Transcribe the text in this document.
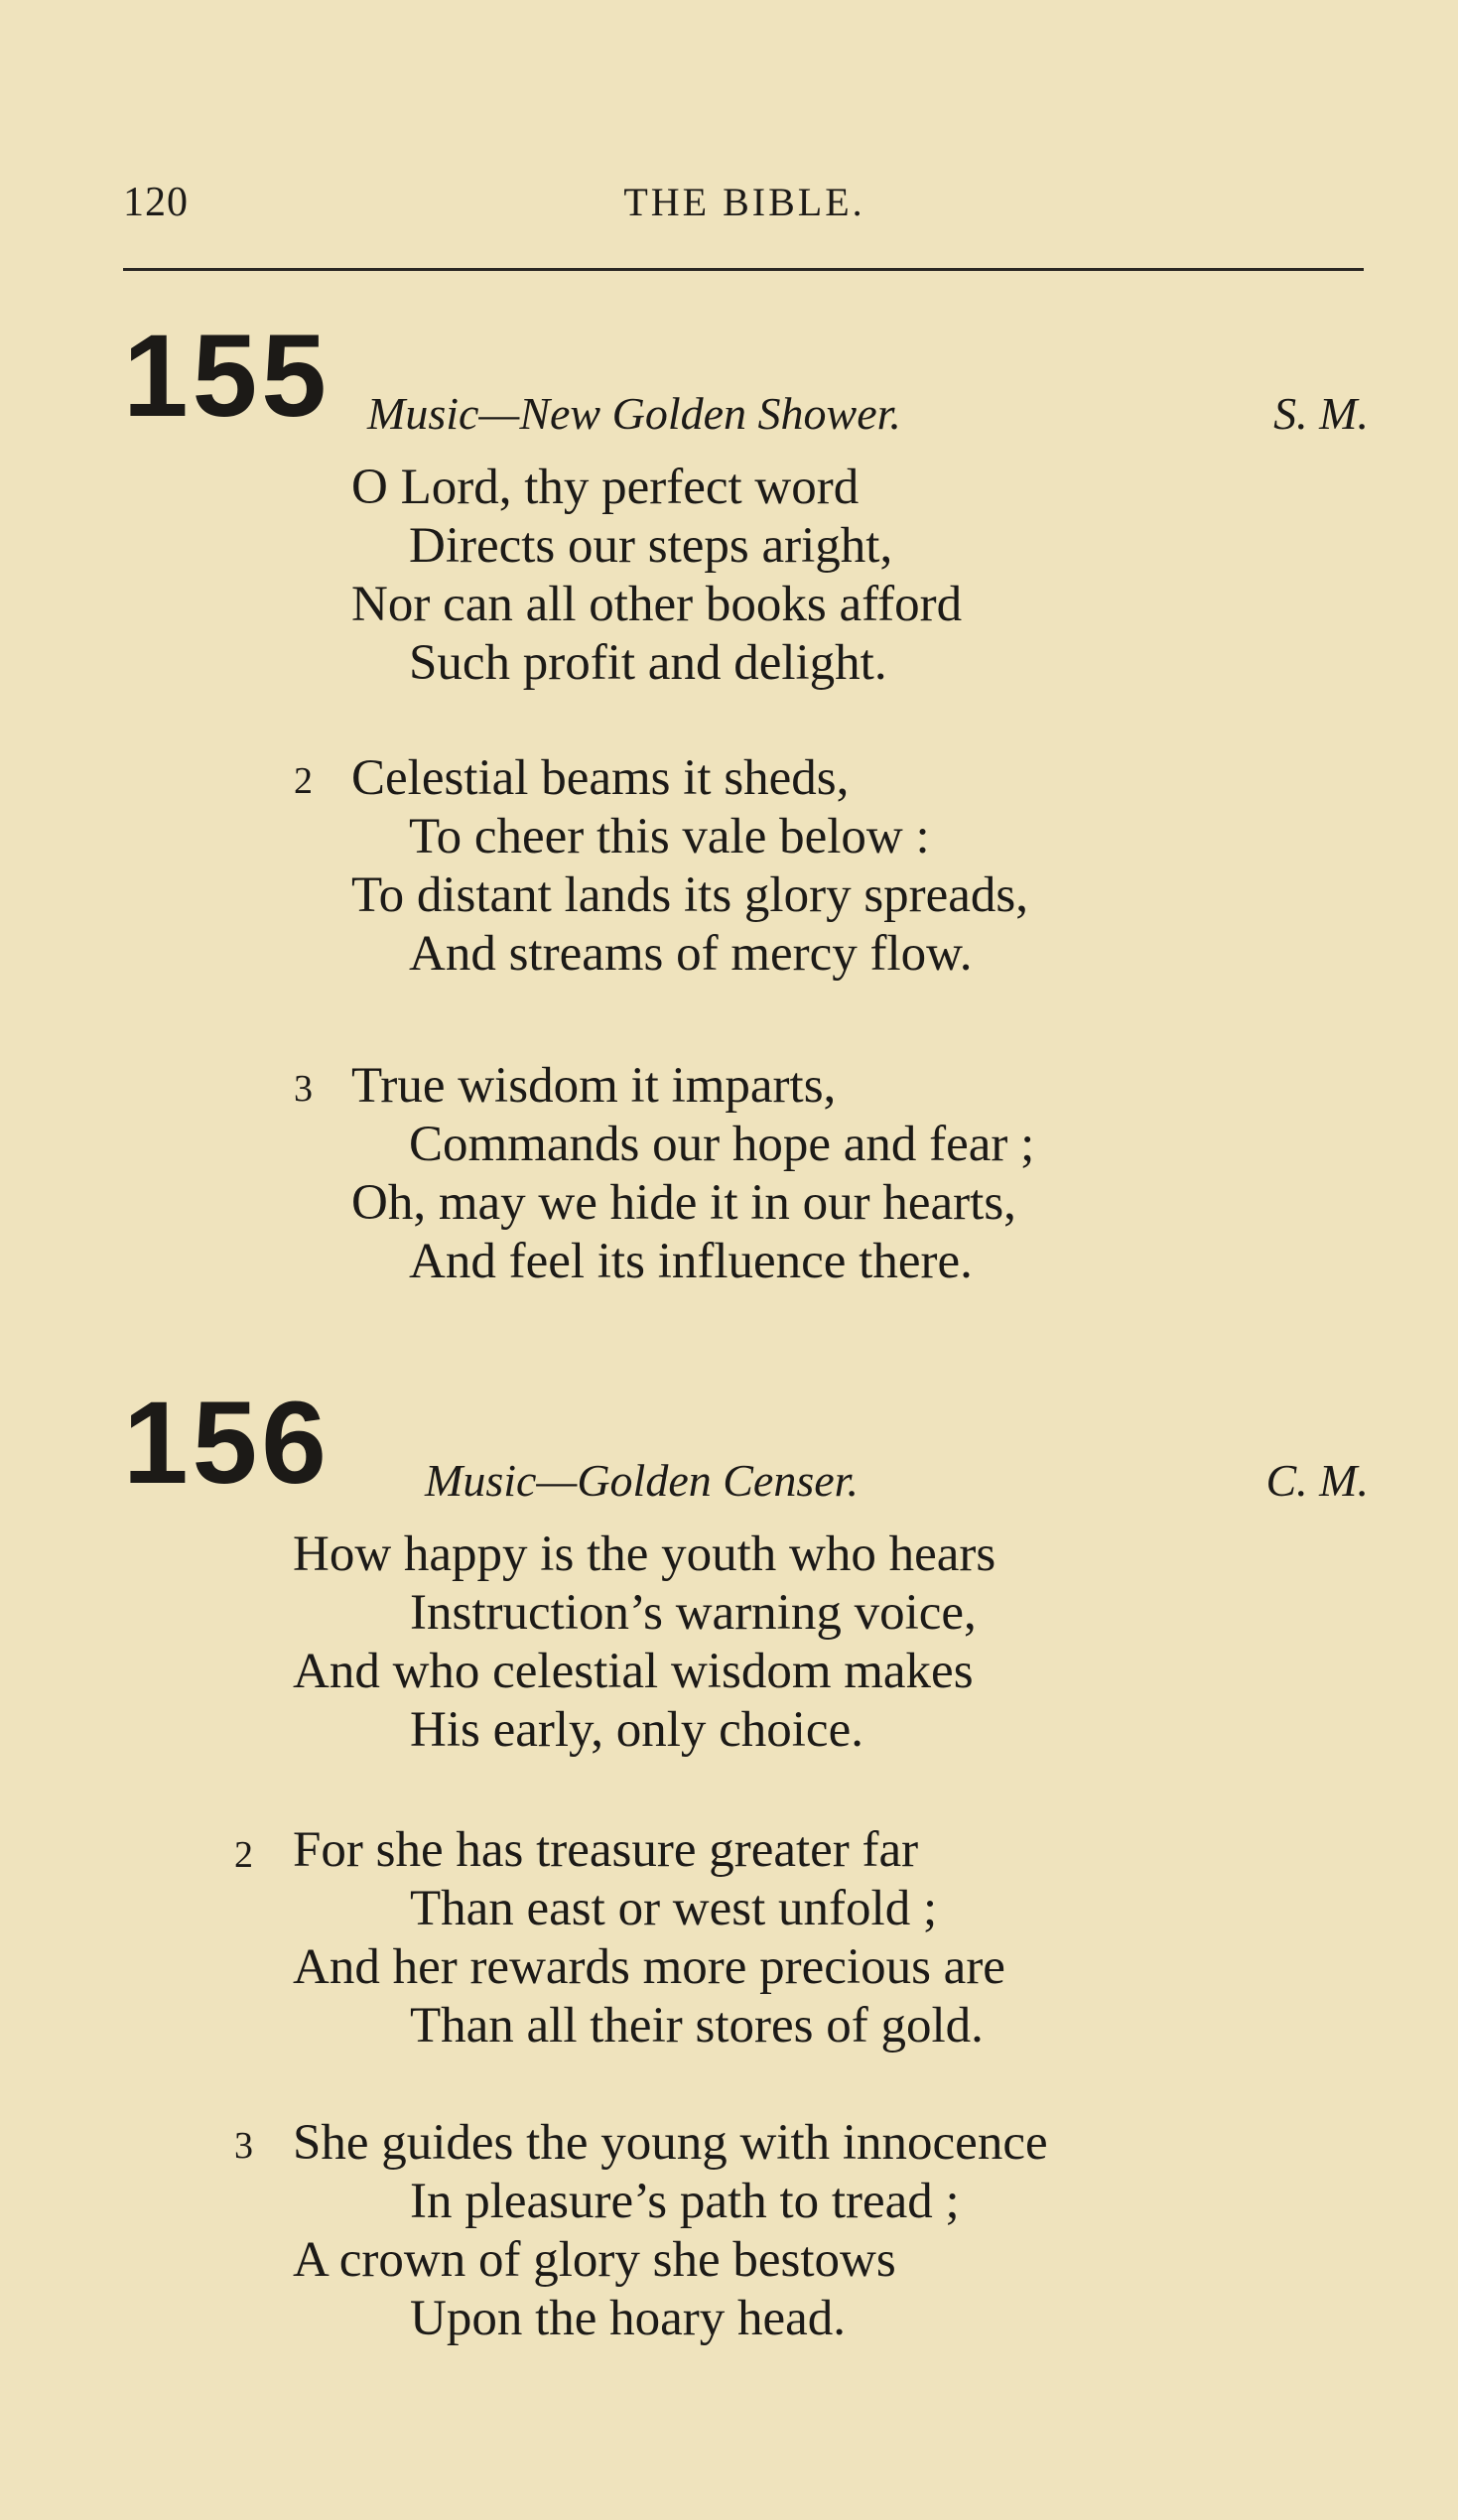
120	THE BIBLE.
155 Music—New Golden Shower.	S. M.
O Lord, thy perfect word
Directs our steps aright,
Nor can all other books afford
Such profit and delight.
2 Celestial beams it sheds,
To cheer this vale below :
To distant lands its glory spreads,
And streams of mercy flow.
3 True wisdom it imparts,
Commands our hope and fear ;
Oh, may we hide it in our hearts,
And feel its influence there.
156 Music—Golden Censer.	C. M.
How happy is the youth who hears
Instruction’s warning voice,
And who celestial wisdom makes
His early, only choice.
2 For she has treasure greater far
Than east or west unfold ;
And her rewards more precious are
Than all their stores of gold.
3 She guides the young with innocence
In pleasure’s path to tread ;
A crown of glory she bestows
Upon the hoary head.
